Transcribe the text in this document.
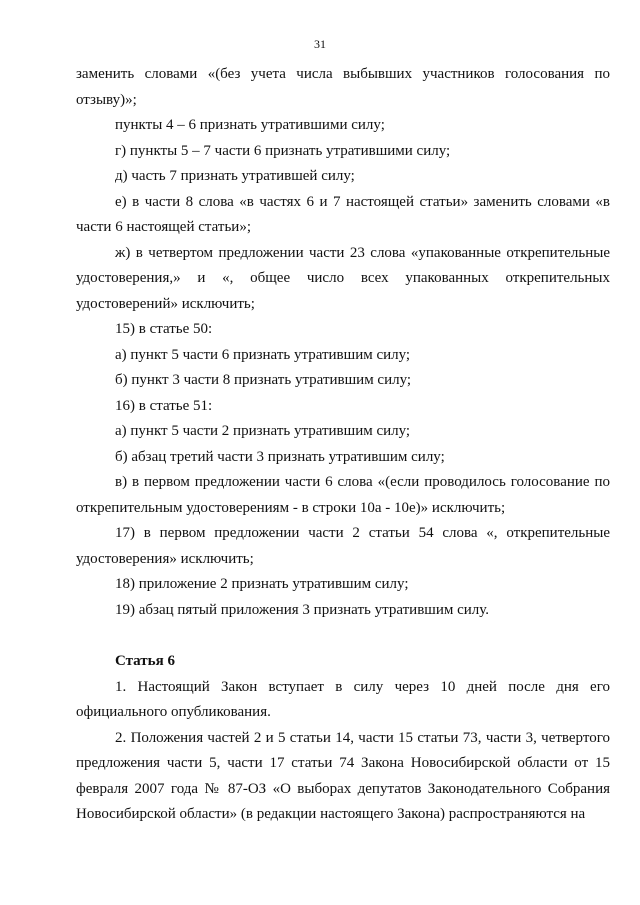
31

заменить словами «(без учета числа выбывших участников голосования по отзыву)»;

пункты 4 – 6 признать утратившими силу;

г) пункты 5 – 7 части 6 признать утратившими силу;

д) часть 7 признать утратившей силу;

е) в части 8 слова «в частях 6 и 7 настоящей статьи» заменить словами «в части 6 настоящей статьи»;

ж) в четвертом предложении части 23 слова «упакованные открепительные удостоверения,» и «, общее число всех упакованных открепительных удостоверений» исключить;

15) в статье 50:

а) пункт 5 части 6 признать утратившим силу;

б) пункт 3 части 8 признать утратившим силу;

16) в статье 51:

а) пункт 5 части 2 признать утратившим силу;

б) абзац третий части 3 признать утратившим силу;

в) в первом предложении части 6 слова «(если проводилось голосование по открепительным удостоверениям - в строки 10а - 10е)» исключить;

17) в первом предложении части 2 статьи 54 слова «, открепительные удостоверения» исключить;

18) приложение 2 признать утратившим силу;

19) абзац пятый приложения 3 признать утратившим силу.

Статья 6

1. Настоящий Закон вступает в силу через 10 дней после дня его официального опубликования.

2. Положения частей 2 и 5 статьи 14, части 15 статьи 73, части 3, четвертого предложения части 5, части 17 статьи 74 Закона Новосибирской области от 15 февраля 2007 года № 87-ОЗ «О выборах депутатов Законодательного Собрания Новосибирской области» (в редакции настоящего Закона) распространяются на
